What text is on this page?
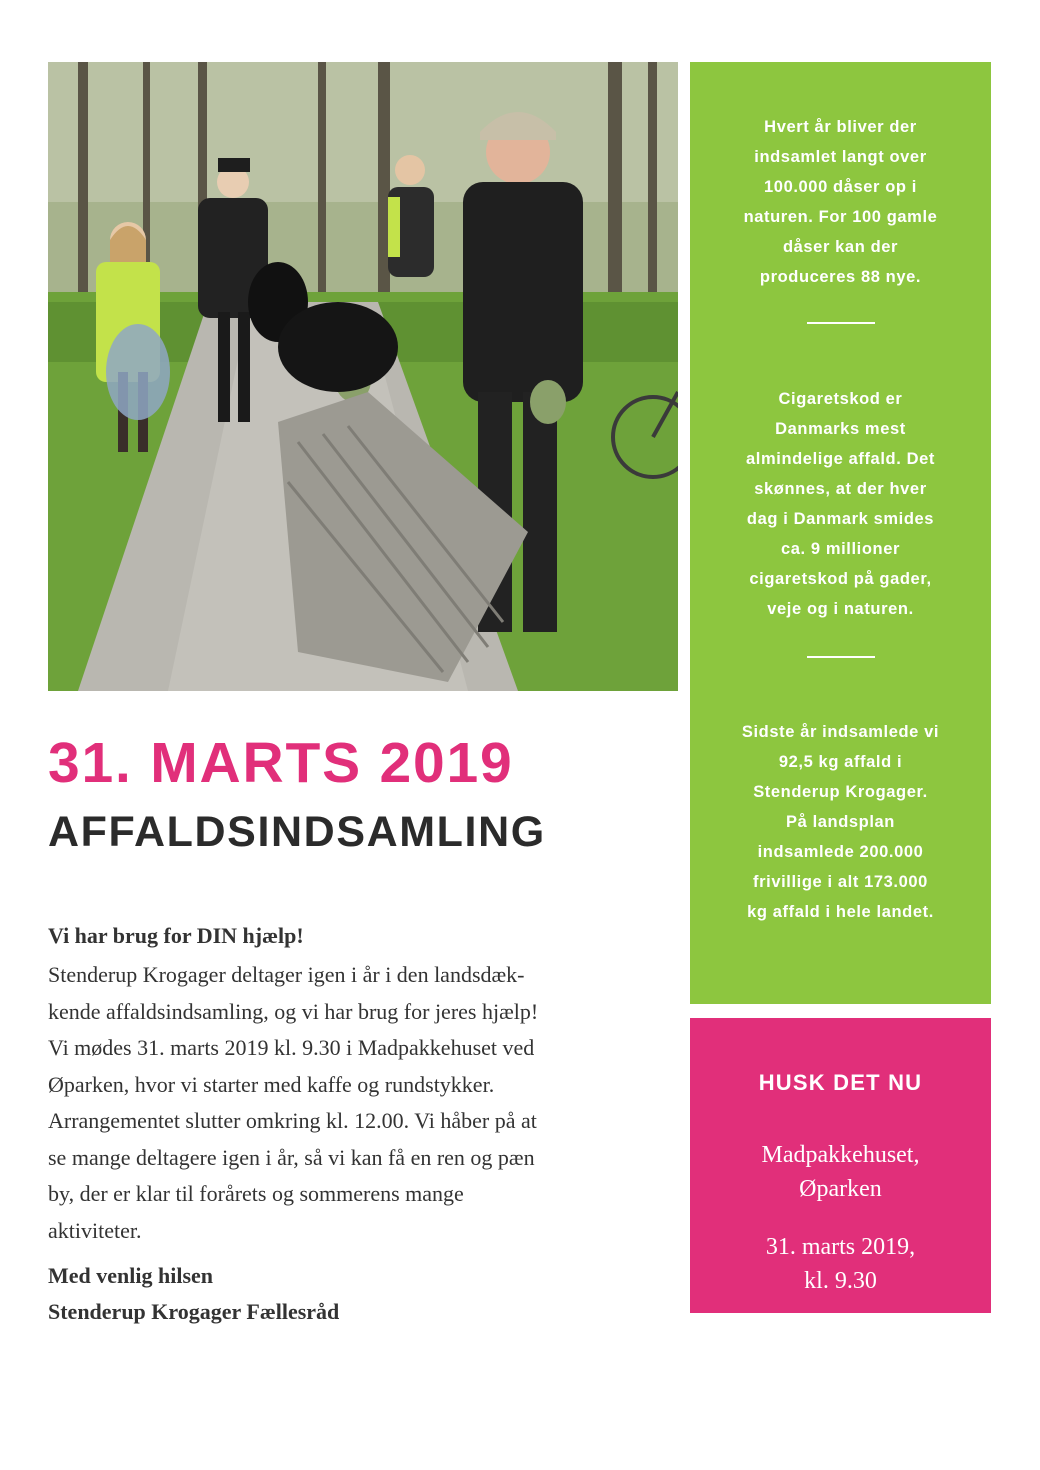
Hvert år bliver der
indsamlet langt over
100.000 dåser op i
naturen. For 100 gamle
dåser kan der
produceres 88 nye.
Cigaretskod er
Danmarks mest
almindelige affald. Det
skønnes, at der hver
dag i Danmark smides
ca. 9 millioner
cigaretskod på gader,
veje og i naturen.
Sidste år indsamlede vi
92,5 kg affald i
Stenderup Krogager.
På landsplan
indsamlede 200.000
frivillige i alt 173.000
kg affald i hele landet.
HUSK DET NU
Madpakkehuset,
Øparken
31. marts 2019,
kl. 9.30
31. MARTS 2019
AFFALDSINDSAMLING
Vi har brug for DIN hjælp!
Stenderup Krogager deltager igen i år i den landsdæk-
kende affaldsindsamling, og vi har brug for jeres hjælp!
Vi mødes 31. marts 2019 kl. 9.30 i Madpakkehuset ved
Øparken, hvor vi starter med kaffe og rundstykker.
Arrangementet slutter omkring kl. 12.00. Vi håber på at
se mange deltagere igen i år, så vi kan få en ren og pæn
by, der er klar til forårets og sommerens mange
aktiviteter.
Med venlig hilsen
Stenderup Krogager Fællesråd
